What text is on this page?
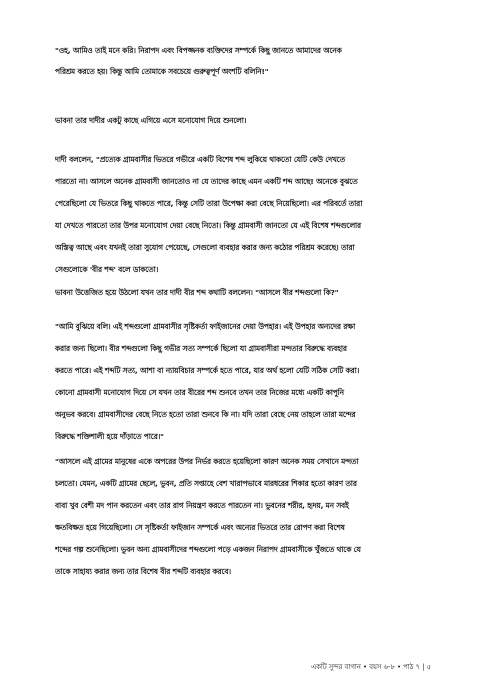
"ওহ, আমিও তাই মনে করি। নিরাপদ এবং বিপজ্জনক ব্যক্তিদের সম্পর্কে কিছু জানতে আমাদের অনেক
পরিশ্রম করতে হয়। কিন্তু আমি তোমাকে সবচেয়ে গুরুত্বপূর্ণ অংশটি বলিনি!"
ভাবনা তার দাদীর একটু কাছে এগিয়ে এসে মনোযোগ দিয়ে শুনলো।
দাদী বললেন, "প্রত্যেক গ্রামবাসীর ভিতরে গভীরে একটি বিশেষ শব্দ লুকিয়ে থাকতো যেটি কেউ দেখতে
পারতো না। আসলে অনেক গ্রামবাসী জানতোও না যে তাদের কাছে এমন একটি শব্দ আছে! অনেকে বুঝতে
পেরেছিলো যে ভিতরে কিছু থাকতে পারে, কিন্তু সেটি তারা উপেক্ষা করা বেছে নিয়েছিলো। এর পরিবর্তে তারা
যা দেখতে পারতো তার উপর মনোযোগ দেয়া বেছে নিতো। কিন্তু গ্রামবাসী জানতো যে এই বিশেষ শব্দগুলোর
অস্তিত্ব আছে এবং যখনই তারা সুযোগ পেয়েছে, সেগুলো ব্যবহার করার জন্য কঠোর পরিশ্রম করেছে। তারা
সেগুলোকে 'বীর শব্দ' বলে ডাকতো।
ভাবনা উত্তেজিত হয়ে উঠলো যখন তার দাদী বীর শব্দ কথাটি বললেন। "আসলে বীর শব্দগুলো কি?"
"আমি বুঝিয়ে বলি। এই শব্দগুলো গ্রামবাসীর সৃষ্টিকর্তা ফাইজানের দেয়া উপহার। এই উপহার অন্যদের রক্ষা
করার জন্য ছিলো। বীর শব্দগুলো কিছু গভীর সত্য সম্পর্কে ছিলো যা গ্রামবাসীরা মন্দতার বিরুদ্ধে ব্যবহার
করতে পারে। এই শব্দটি সত্য, আশা বা ন্যায়বিচার সম্পর্কে হতে পারে, যার অর্থ হলো যেটি সঠিক সেটি করা।
কোনো গ্রামবাসী মনোযোগ দিয়ে সে যখন তার বীরের শব্দ শুনবে তখন তার নিজের মধ্যে একটি কাপুনি
অনুভব করবে। গ্রামবাসীদের বেছে নিতে হতো তারা শুনবে কি না। যদি তারা বেছে নেয় তাহলে তারা মন্দের
বিরুদ্ধে শক্তিশালী হয়ে দাঁড়াতে পারে।"
"আসলে এই গ্রামের মানুষের একে অপরের উপর নির্ভর করতে হয়েছিলো কারণ অনেক সময় সেখানে মন্দতা
চলতো। যেমন, একটি গ্রামের ছেলে, ভুবন, প্রতি সপ্তাহে বেশ খারাপভাবে মারধরের শিকার হতো কারণ তার
বাবা খুব বেশী মদ পান করতেন এবং তার রাগ নিয়ন্ত্রণ করতে পারতেন না। ভুবনের শরীর, হৃদয়, মন সবই
ক্ষতবিক্ষত হয়ে গিয়েছিলো। সে সৃষ্টিকর্তা ফাইজান সম্পর্কে এবং অন্যের ভিতরে তার রোপণ করা বিশেষ
শব্দের গল্প শুনেছিলো। ভুবন অন্য গ্রামবাসীদের শব্দগুলো পড়ে একজন নিরাপদ গ্রামবাসীকে খুঁজতে থাকে যে
তাকে সাহায্য করার জন্য তার বিশেষ বীর শব্দটি ব্যবহার করবে।
একটি সুন্দর বাগান • বয়স ৬-৮ • পাঠ ৭ | ৫
